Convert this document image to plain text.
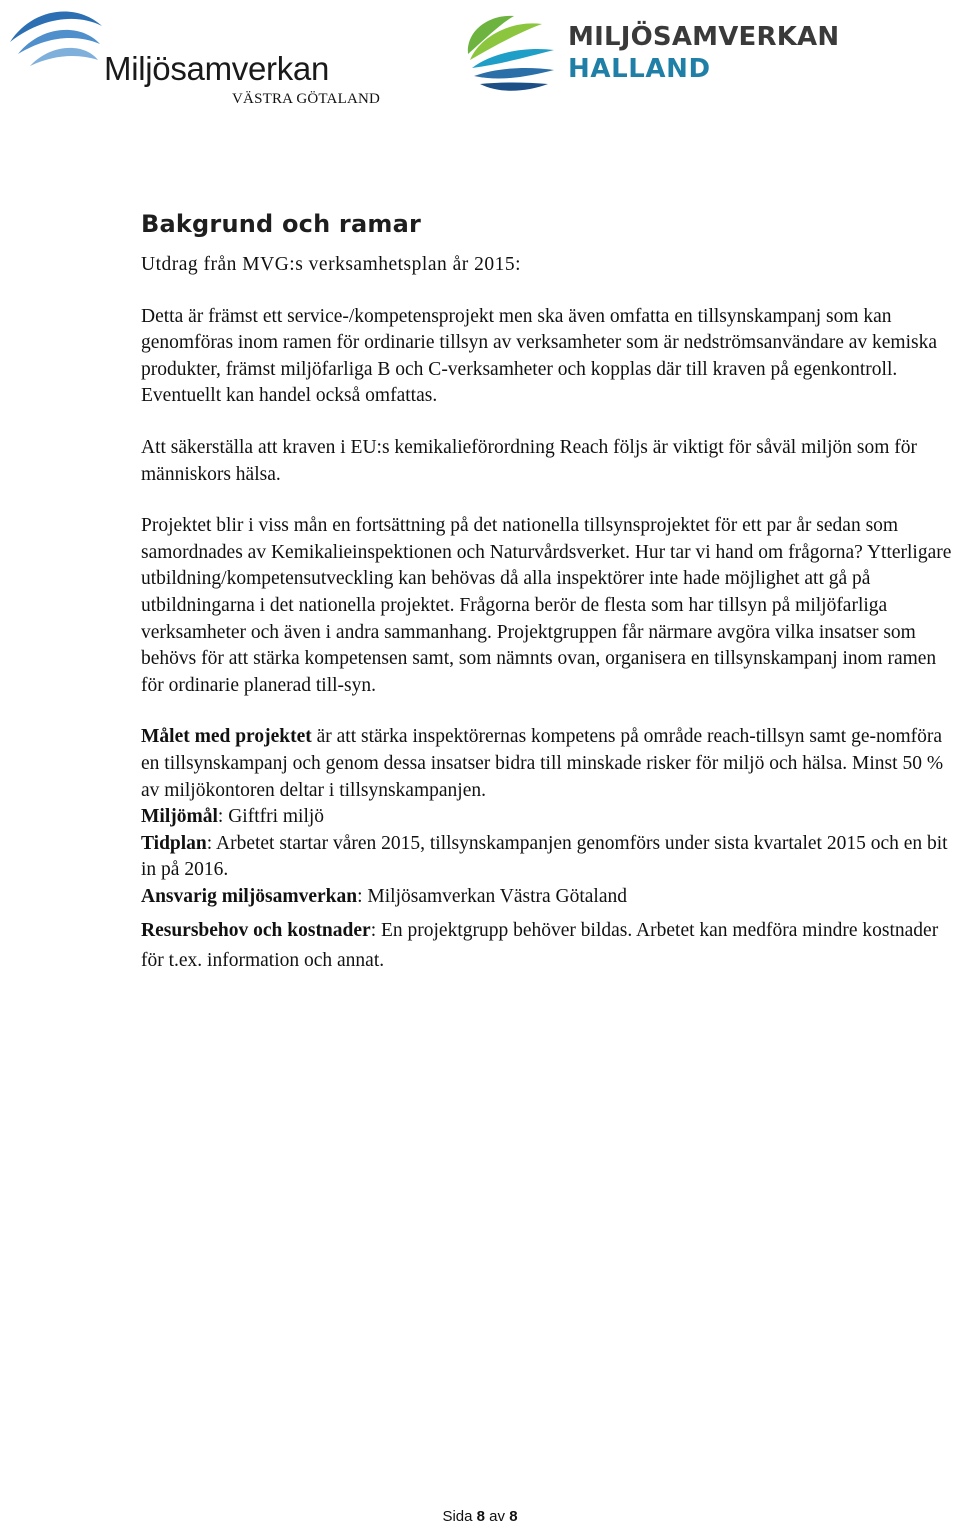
Miljösamverkan
VÄSTRA GÖTALAND
MILJÖSAMVERKAN
HALLAND
Bakgrund och ramar

Utdrag från MVG:s verksamhetsplan år 2015:

Detta är främst ett service-/kompetensprojekt men ska även omfatta en tillsynskampanj som kan genomföras inom ramen för ordinarie tillsyn av verksamheter som är nedströmsanvändare av kemiska produkter, främst miljöfarliga B och C-verksamheter och kopplas där till kraven på egenkontroll. Eventuellt kan handel också omfattas.

Att säkerställa att kraven i EU:s kemikalieförordning Reach följs är viktigt för såväl miljön som för människors hälsa.

Projektet blir i viss mån en fortsättning på det nationella tillsynsprojektet för ett par år sedan som samordnades av Kemikalieinspektionen och Naturvårdsverket. Hur tar vi hand om frågorna? Ytterligare utbildning/kompetensutveckling kan behövas då alla inspektörer inte hade möjlighet att gå på utbildningarna i det nationella projektet. Frågorna berör de flesta som har tillsyn på miljöfarliga verksamheter och även i andra sammanhang. Projektgruppen får närmare avgöra vilka insatser som behövs för att stärka kompetensen samt, som nämnts ovan, organisera en tillsynskampanj inom ramen för ordinarie planerad till-syn.

Målet med projektet är att stärka inspektörernas kompetens på område reach-tillsyn samt ge-nomföra en tillsynskampanj och genom dessa insatser bidra till minskade risker för miljö och hälsa. Minst 50 % av miljökontoren deltar i tillsynskampanjen.

Miljömål: Giftfri miljö

Tidplan: Arbetet startar våren 2015, tillsynskampanjen genomförs under sista kvartalet 2015 och en bit in på 2016.

Ansvarig miljösamverkan: Miljösamverkan Västra Götaland

Resursbehov och kostnader: En projektgrupp behöver bildas. Arbetet kan medföra mindre kostnader för t.ex. information och annat.

Sida 8 av 8
